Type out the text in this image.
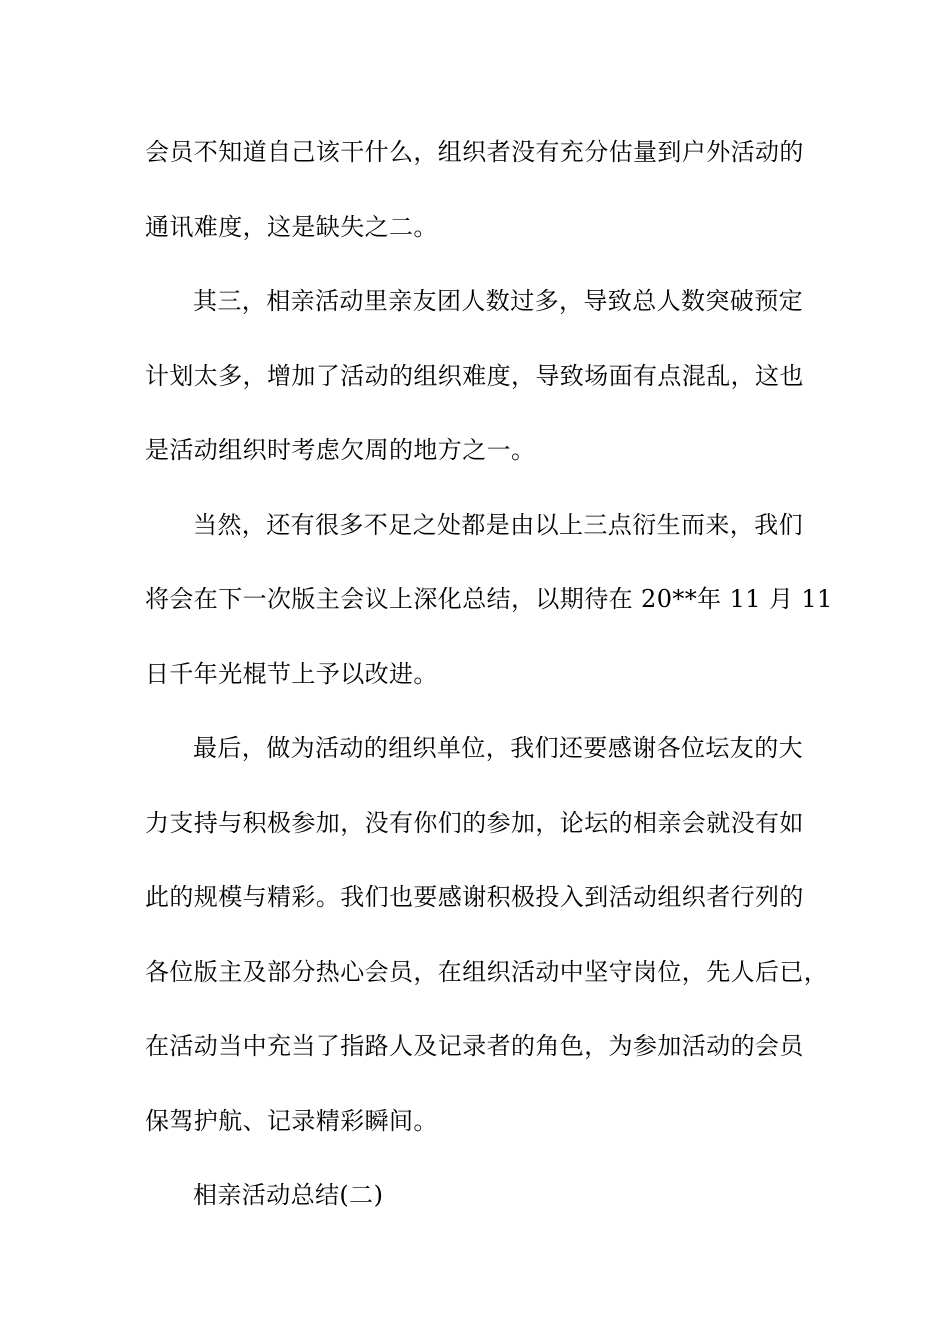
会员不知道自己该干什么，组织者没有充分估量到户外活动的
通讯难度，这是缺失之二。
其三，相亲活动里亲友团人数过多，导致总人数突破预定
计划太多，增加了活动的组织难度，导致场面有点混乱，这也
是活动组织时考虑欠周的地方之一。
当然，还有很多不足之处都是由以上三点衍生而来，我们
将会在下一次版主会议上深化总结，以期待在 20**年 11 月 11
日千年光棍节上予以改进。
最后，做为活动的组织单位，我们还要感谢各位坛友的大
力支持与积极参加，没有你们的参加，论坛的相亲会就没有如
此的规模与精彩。我们也要感谢积极投入到活动组织者行列的
各位版主及部分热心会员，在组织活动中坚守岗位，先人后已，
在活动当中充当了指路人及记录者的角色，为参加活动的会员
保驾护航、记录精彩瞬间。
相亲活动总结(二)
